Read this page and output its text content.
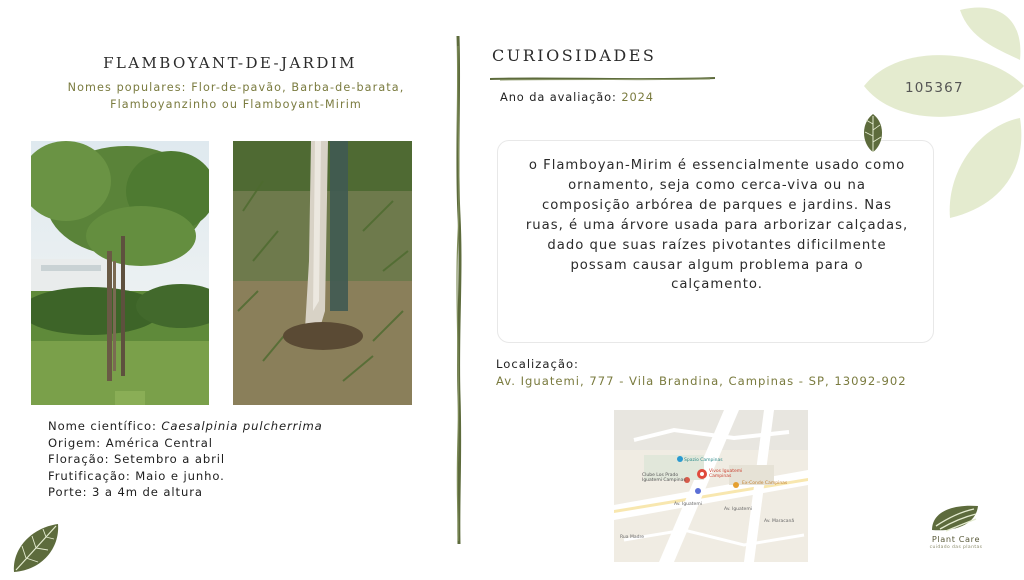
FLAMBOYANT-DE-JARDIM
Nomes populares: Flor-de-pavão, Barba-de-barata,
Flamboyanzinho ou Flamboyant-Mirim
Nome científico: Caesalpinia pulcherrima
Origem: América Central
Floração: Setembro a abril
Frutificação: Maio e junho.
Porte: 3 a 4m de altura
CURIOSIDADES
Ano da avaliação: 2024
o Flamboyan-Mirim é essencialmente usado como
ornamento, seja como cerca-viva ou na
composição arbórea de parques e jardins. Nas
ruas, é uma árvore usada para arborizar calçadas,
dado que suas raízes pivotantes dificilmente
possam causar algum problema para o
calçamento.
Localização:
Av. Iguatemi, 777 - Vila Brandina, Campinas - SP, 13092-902
Spazio Campinas
Vivos Iguatemi
Campinas
Clube Los Prado
Iguatemi Campinas
Ex-Conde Campinas
Av. Iguatemi
Av. Iguatemi
Av. Maracanã
Rua Madre
105367
Plant Care
cuidado das plantas
